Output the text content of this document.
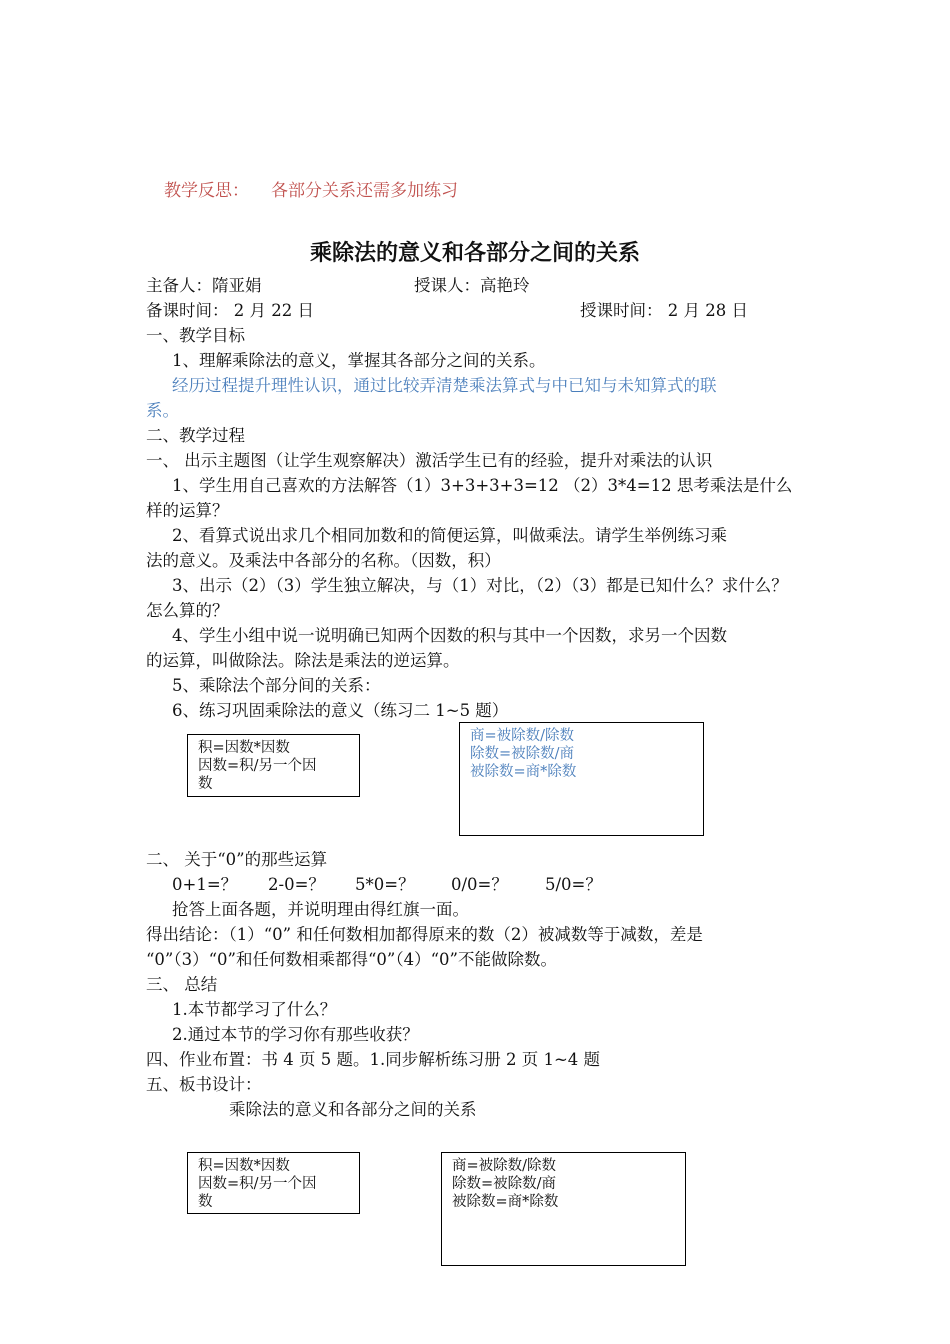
教学反思： 各部分关系还需多加练习
乘除法的意义和各部分之间的关系
主备人：隋亚娟	授课人：高艳玲
备课时间： 2 月 22 日	授课时间： 2 月 28 日
一、教学目标
1、理解乘除法的意义，掌握其各部分之间的关系。
经历过程提升理性认识，通过比较弄清楚乘法算式与中已知与未知算式的联
系。
二、教学过程
一、 出示主题图（让学生观察解决）激活学生已有的经验，提升对乘法的认识
1、学生用自己喜欢的方法解答（1）3+3+3+3=12 （2）3*4=12 思考乘法是什么
样的运算？
2、看算式说出求几个相同加数和的简便运算，叫做乘法。请学生举例练习乘
法的意义。及乘法中各部分的名称。（因数，积）
3、出示（2）（3）学生独立解决，与（1）对比，（2）（3）都是已知什么？求什么？
怎么算的？
4、学生小组中说一说明确已知两个因数的积与其中一个因数，求另一个因数
的运算，叫做除法。除法是乘法的逆运算。
5、乘除法个部分间的关系：
6、练习巩固乘除法的意义（练习二 1~5 题）
积=因数*因数
因数=积/另一个因
数
商=被除数/除数
除数=被除数/商
被除数=商*除数
二、 关于“0”的那些运算
0+1=？ 2-0=？ 5*0=？ 0/0=？ 5/0=？
抢答上面各题，并说明理由得红旗一面。
得出结论：（1）“0” 和任何数相加都得原来的数（2）被减数等于减数，差是
“0”（3）“0”和任何数相乘都得“0”（4）“0”不能做除数。
三、 总结
1.本节都学习了什么？
2.通过本节的学习你有那些收获？
四、作业布置：书 4 页 5 题。1.同步解析练习册 2 页 1~4 题
五、板书设计：
乘除法的意义和各部分之间的关系
积=因数*因数
因数=积/另一个因
数
商=被除数/除数
除数=被除数/商
被除数=商*除数
